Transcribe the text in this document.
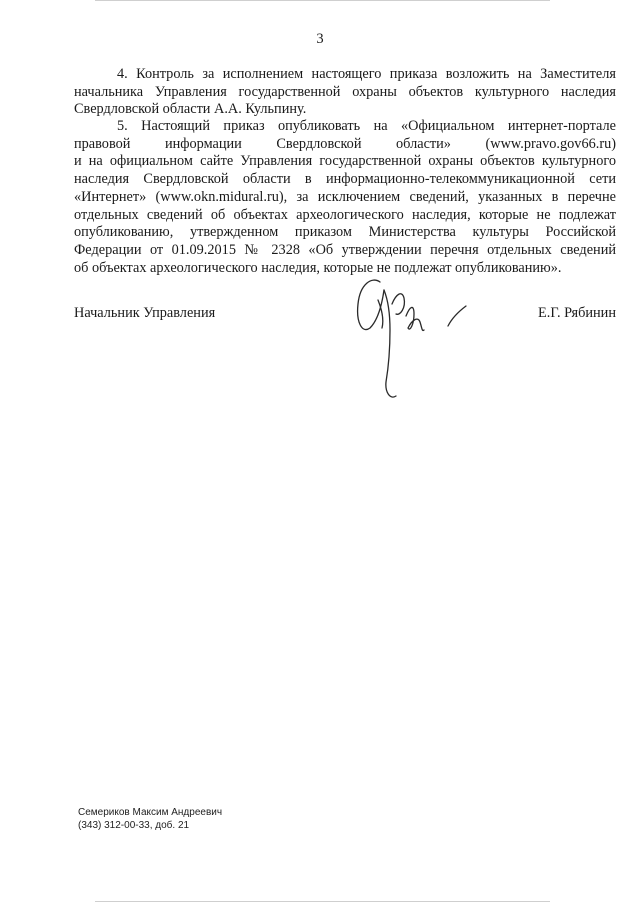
3

4. Контроль за исполнением настоящего приказа возложить на Заместителя

начальника Управления государственной охраны объектов культурного наследия

Свердловской области А.А. Кульпину.

5. Настоящий приказ опубликовать на «Официальном интернет-портале

правовой информации Свердловской области» (www.pravo.gov66.ru)

и на официальном сайте Управления государственной охраны объектов культурного

наследия Свердловской области в информационно-телекоммуникационной сети

«Интернет» (www.okn.midural.ru), за исключением сведений, указанных в перечне

отдельных сведений об объектах археологического наследия, которые не подлежат

опубликованию, утвержденном приказом Министерства культуры Российской

Федерации от 01.09.2015 № 2328 «Об утверждении перечня отдельных сведений

об объектах археологического наследия, которые не подлежат опубликованию».

Начальник Управления	Е.Г. Рябинин
Семериков Максим Андреевич
(343) 312-00-33, доб. 21
